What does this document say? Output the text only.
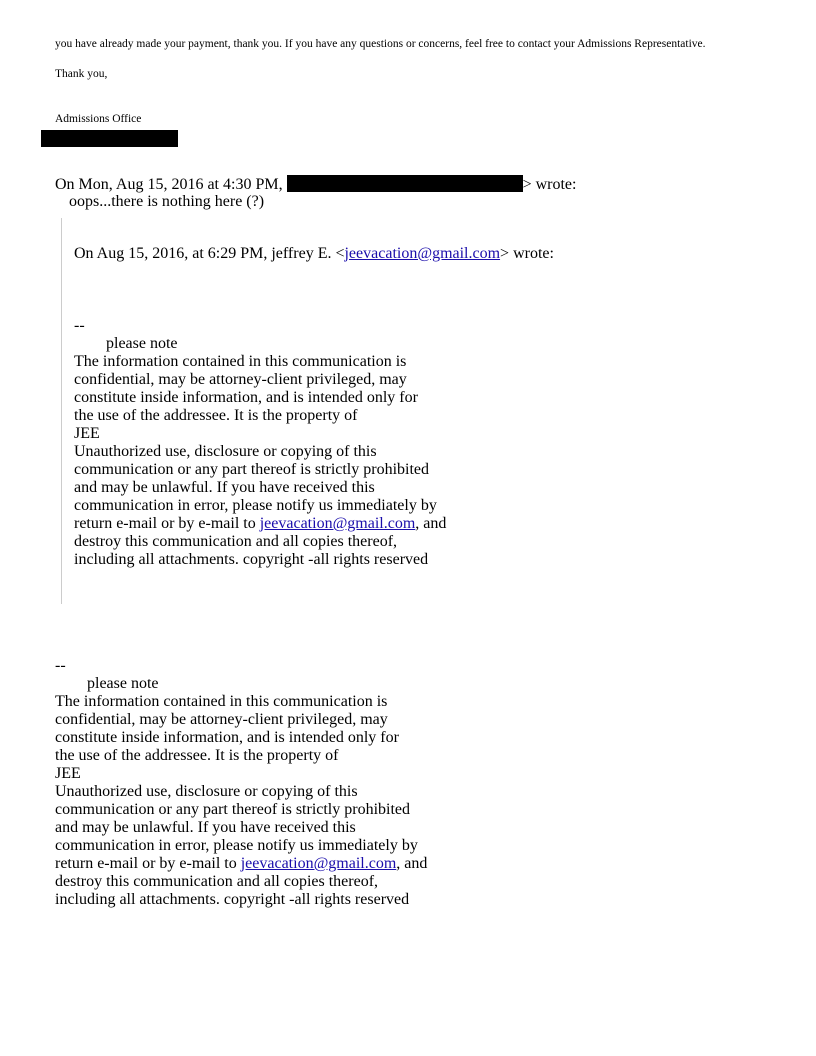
you have already made your payment, thank you. If you have any questions or concerns, feel free to contact your Admissions Representative.
Thank you,
Admissions Office
On Mon, Aug 15, 2016 at 4:30 PM,	> wrote:
oops...there is nothing here (?)
On Aug 15, 2016, at 6:29 PM, jeffrey E. <jeevacation@gmail.com> wrote:
--
please note
The information contained in this communication is
confidential, may be attorney-client privileged, may
constitute inside information, and is intended only for
the use of the addressee. It is the property of
JEE
Unauthorized use, disclosure or copying of this
communication or any part thereof is strictly prohibited
and may be unlawful. If you have received this
communication in error, please notify us immediately by
return e-mail or by e-mail to jeevacation@gmail.com, and
destroy this communication and all copies thereof,
including all attachments. copyright -all rights reserved
--
please note
The information contained in this communication is
confidential, may be attorney-client privileged, may
constitute inside information, and is intended only for
the use of the addressee. It is the property of
JEE
Unauthorized use, disclosure or copying of this
communication or any part thereof is strictly prohibited
and may be unlawful. If you have received this
communication in error, please notify us immediately by
return e-mail or by e-mail to jeevacation@gmail.com, and
destroy this communication and all copies thereof,
including all attachments. copyright -all rights reserved
